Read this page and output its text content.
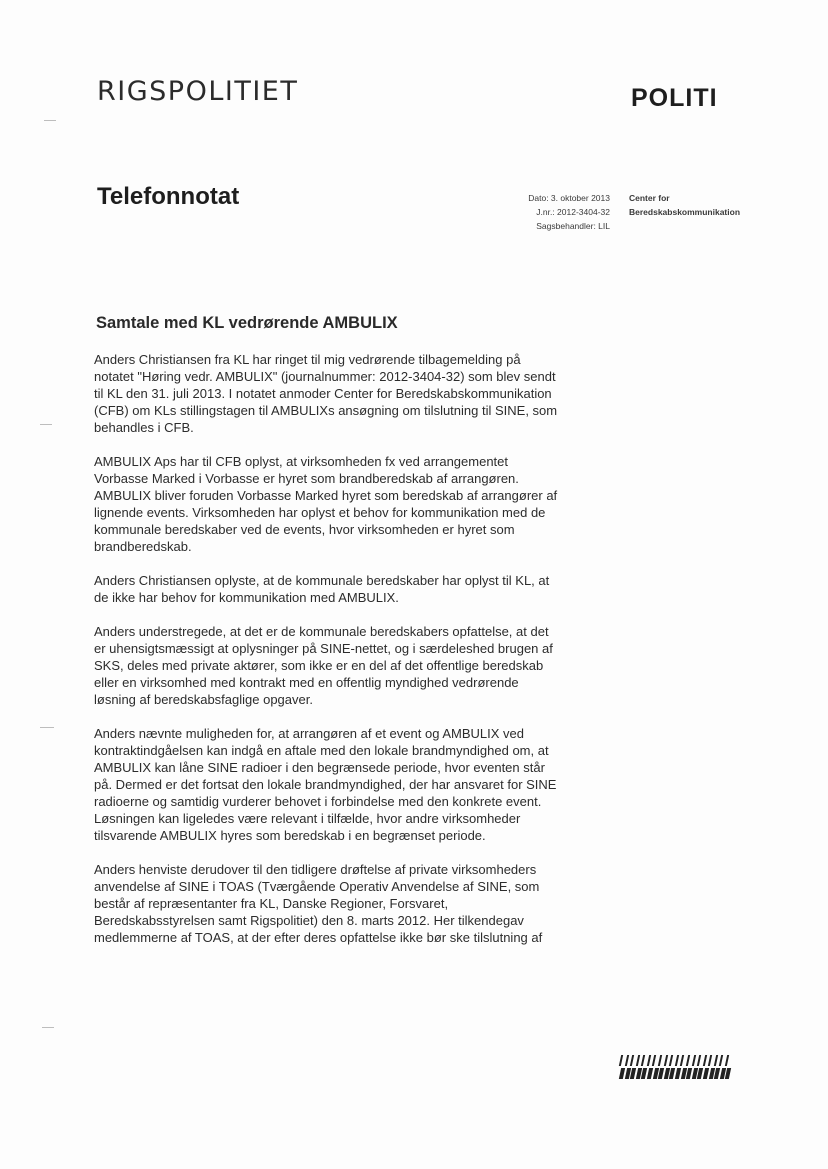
RIGSPOLITIET	POLITI
Telefonnotat	Dato: 3. oktober 2013
J.nr.: 2012-3404-32
Sagsbehandler: LIL
Center for
Beredskabskommunikation
Samtale med KL vedrørende AMBULIX

Anders Christiansen fra KL har ringet til mig vedrørende tilbagemelding på
notatet "Høring vedr. AMBULIX" (journalnummer: 2012-3404-32) som blev sendt
til KL den 31. juli 2013. I notatet anmoder Center for Beredskabskommunikation
(CFB) om KLs stillingstagen til AMBULIXs ansøgning om tilslutning til SINE, som
behandles i CFB.

AMBULIX Aps har til CFB oplyst, at virksomheden fx ved arrangementet
Vorbasse Marked i Vorbasse er hyret som brandberedskab af arrangøren.
AMBULIX bliver foruden Vorbasse Marked hyret som beredskab af arrangører af
lignende events. Virksomheden har oplyst et behov for kommunikation med de
kommunale beredskaber ved de events, hvor virksomheden er hyret som
brandberedskab.

Anders Christiansen oplyste, at de kommunale beredskaber har oplyst til KL, at
de ikke har behov for kommunikation med AMBULIX.

Anders understregede, at det er de kommunale beredskabers opfattelse, at det
er uhensigtsmæssigt at oplysninger på SINE-nettet, og i særdeleshed brugen af
SKS, deles med private aktører, som ikke er en del af det offentlige beredskab
eller en virksomhed med kontrakt med en offentlig myndighed vedrørende
løsning af beredskabsfaglige opgaver.

Anders nævnte muligheden for, at arrangøren af et event og AMBULIX ved
kontraktindgåelsen kan indgå en aftale med den lokale brandmyndighed om, at
AMBULIX kan låne SINE radioer i den begrænsede periode, hvor eventen står
på. Dermed er det fortsat den lokale brandmyndighed, der har ansvaret for SINE
radioerne og samtidig vurderer behovet i forbindelse med den konkrete event.
Løsningen kan ligeledes være relevant i tilfælde, hvor andre virksomheder
tilsvarende AMBULIX hyres som beredskab i en begrænset periode.

Anders henviste derudover til den tidligere drøftelse af private virksomheders
anvendelse af SINE i TOAS (Tværgående Operativ Anvendelse af SINE, som
består af repræsentanter fra KL, Danske Regioner, Forsvaret,
Beredskabsstyrelsen samt Rigspolitiet) den 8. marts 2012. Her tilkendegav
medlemmerne af TOAS, at der efter deres opfattelse ikke bør ske tilslutning af
